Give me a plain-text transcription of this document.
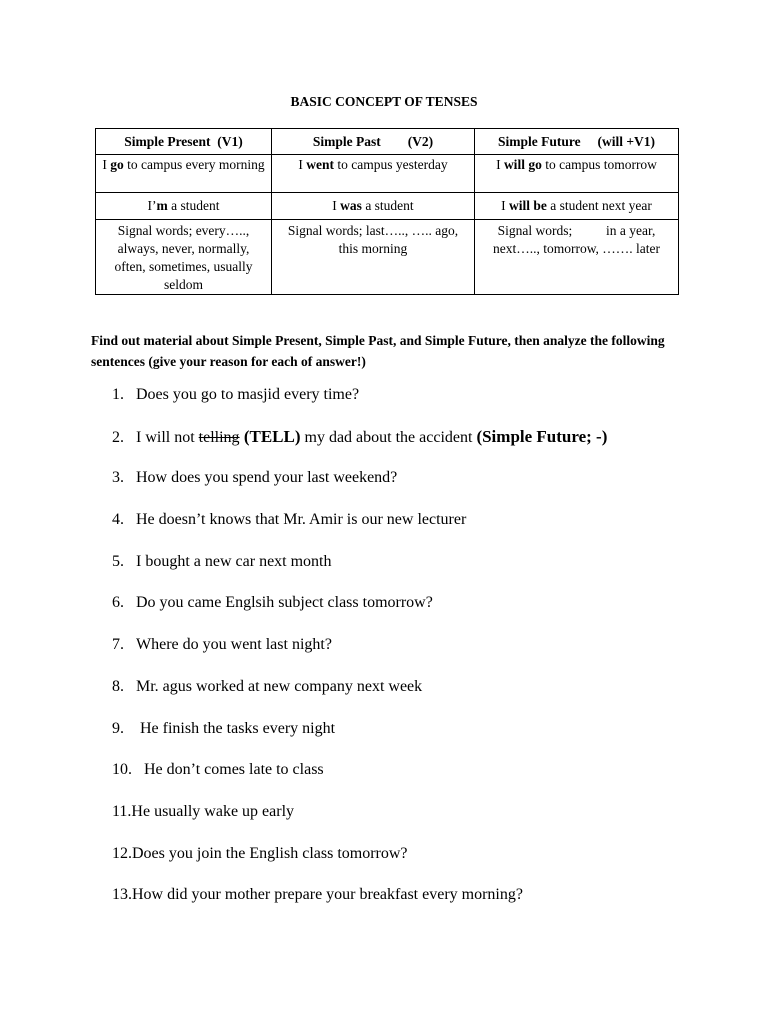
BASIC CONCEPT OF TENSES
Simple Present  (V1)	Simple Past        (V2)	Simple Future     (will +V1)
I go to campus every morning	I went to campus yesterday	I will go to campus tomorrow
I’m a student	I was a student	I will be a student next year
Signal words; every….., always, never, normally, often, sometimes, usually seldom	Signal words; last….., ….. ago,   this morning	Signal words;          in a year, next….., tomorrow, ……. later
Find out material about Simple Present, Simple Past, and Simple Future, then analyze the following sentences (give your reason for each of answer!)
1. Does you go to masjid every time?
2. I will not telling (TELL) my dad about the accident (Simple Future; -)
3. How does you spend your last weekend?
4. He doesn’t knows that Mr. Amir is our new lecturer
5. I bought a new car next month
6. Do you came Englsih subject class tomorrow?
7. Where do you went last night?
8. Mr. agus worked at new company next week
9. He finish the tasks every night
10. He don’t comes late to class
11.He usually wake up early
12.Does you join the English class tomorrow?
13.How did your mother prepare your breakfast every morning?
